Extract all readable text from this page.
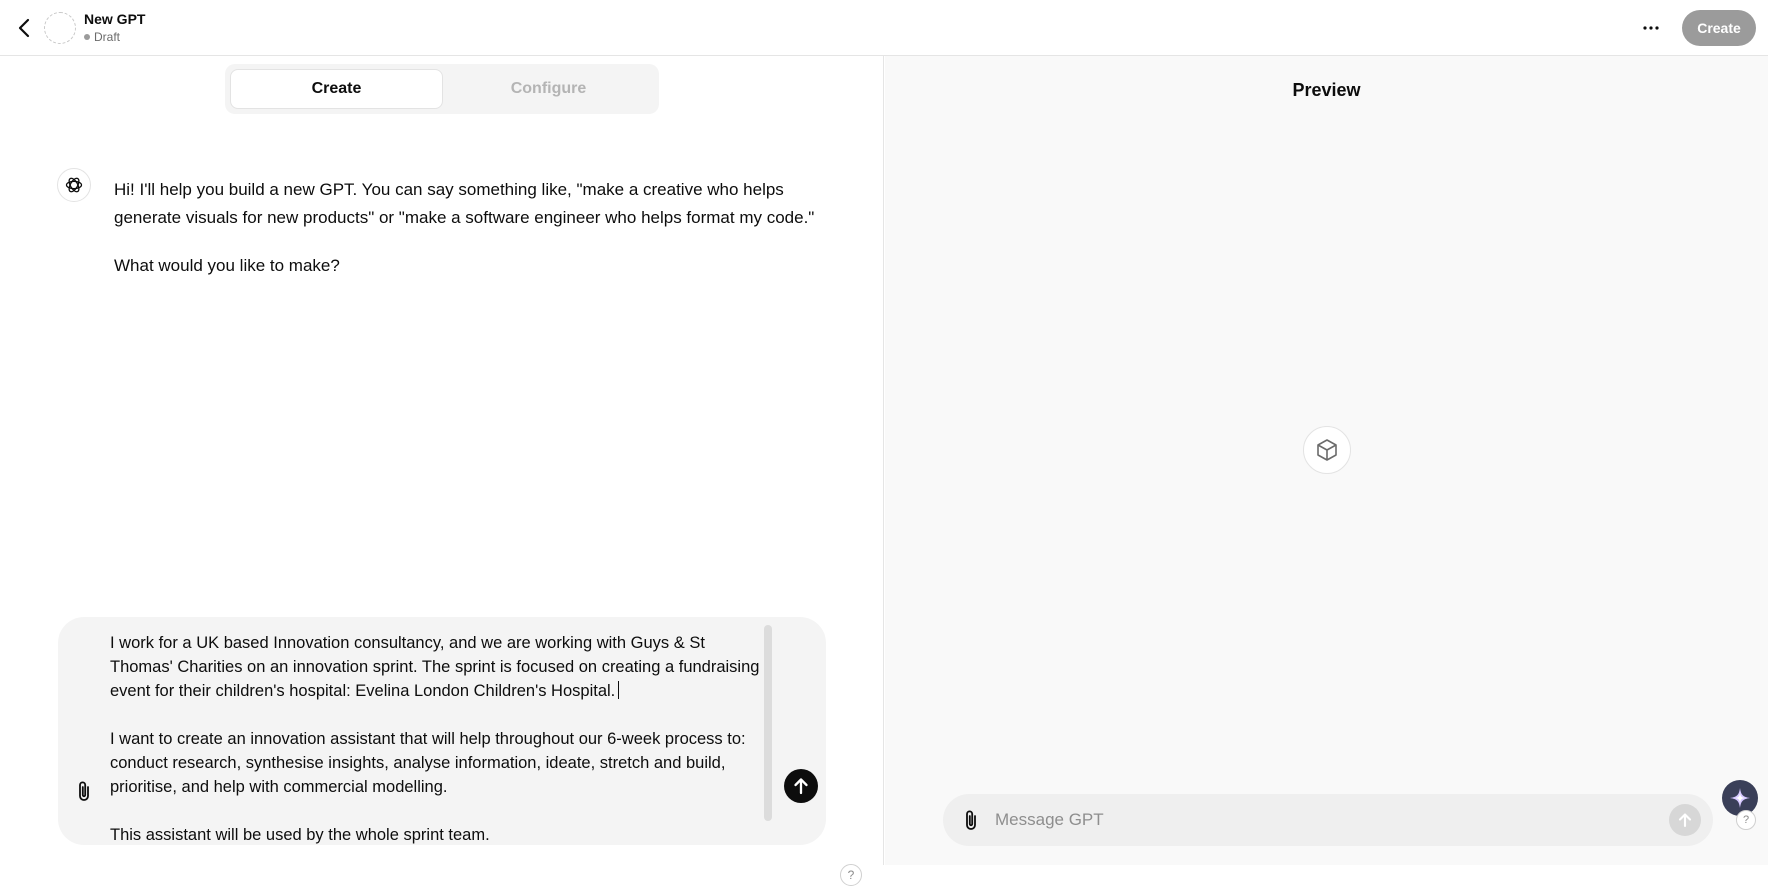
New GPT
Draft
Create
Create	Configure

Hi! I'll help you build a new GPT. You can say something like, "make a creative who helps generate visuals for new products" or "make a software engineer who helps format my code."

What would you like to make?

I work for a UK based Innovation consultancy, and we are working with Guys & St Thomas' Charities on an innovation sprint. The sprint is focused on creating a fundraising event for their children's hospital: Evelina London Children's Hospital.

I want to create an innovation assistant that will help throughout our 6-week process to: conduct research, synthesise insights, analyse information, ideate, stretch and build, prioritise, and help with commercial modelling.

This assistant will be used by the whole sprint team.
?
Preview
Message GPT
?
